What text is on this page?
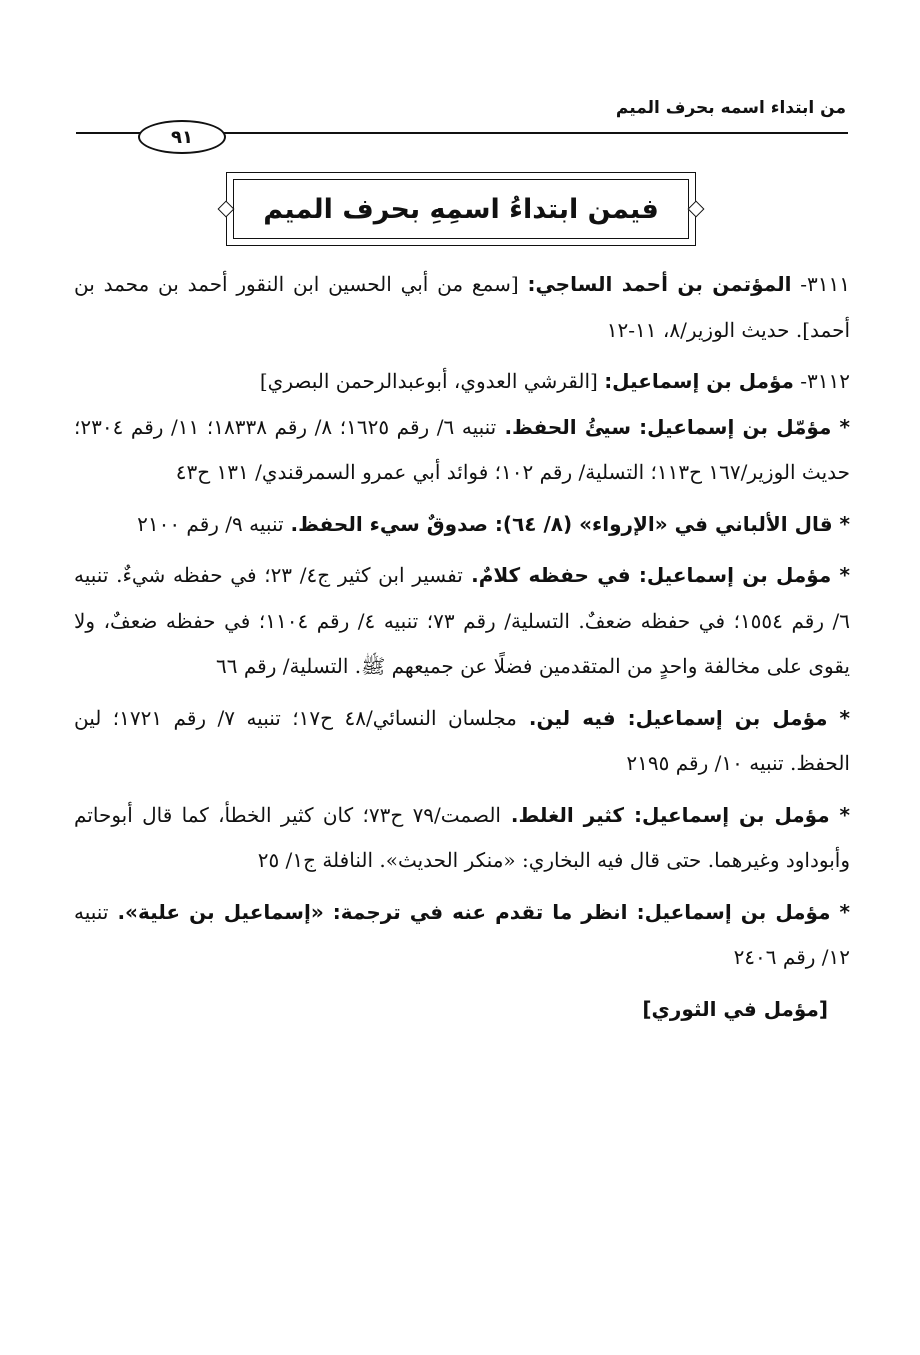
من ابتداء اسمه بحرف الميم
٩١
فيمن ابتداءُ اسمِهِ بحرف الميم

٣١١١- المؤتمن بن أحمد الساجي: [سمع من أبي الحسين ابن النقور أحمد بن محمد بن أحمد]. حديث الوزير/٨، ١١-١٢

٣١١٢- مؤمل بن إسماعيل: [القرشي العدوي، أبوعبدالرحمن البصري]

* مؤمّل بن إسماعيل: سيئُ الحفظ. تنبيه ٦/ رقم ١٦٢٥؛ ٨/ رقم ١٨٣٣٨؛ ١١/ رقم ٢٣٠٤؛ حديث الوزير/١٦٧ ح١١٣؛ التسلية/ رقم ١٠٢؛ فوائد أبي عمرو السمرقندي/ ١٣١ ح٤٣

* قال الألباني في «الإرواء» (٨/ ٦٤): صدوقٌ سيء الحفظ. تنبيه ٩/ رقم ٢١٠٠

* مؤمل بن إسماعيل: في حفظه كلامٌ. تفسير ابن كثير ج٤/ ٢٣؛ في حفظه شيءٌ. تنبيه ٦/ رقم ١٥٥٤؛ في حفظه ضعفٌ. التسلية/ رقم ٧٣؛ تنبيه ٤/ رقم ١١٠٤؛ في حفظه ضعفٌ، ولا يقوى على مخالفة واحدٍ من المتقدمين فضلًا عن جميعهم ﷺ. التسلية/ رقم ٦٦

* مؤمل بن إسماعيل: فيه لين. مجلسان النسائي/٤٨ ح١٧؛ تنبيه ٧/ رقم ١٧٢١؛ لين الحفظ. تنبيه ١٠/ رقم ٢١٩٥

* مؤمل بن إسماعيل: كثير الغلط. الصمت/٧٩ ح٧٣؛ كان كثير الخطأ، كما قال أبوحاتم وأبوداود وغيرهما. حتى قال فيه البخاري: «منكر الحديث». النافلة ج١/ ٢٥

* مؤمل بن إسماعيل: انظر ما تقدم عنه في ترجمة: «إسماعيل بن علية». تنبيه ١٢/ رقم ٢٤٠٦

[مؤمل في الثوري]
